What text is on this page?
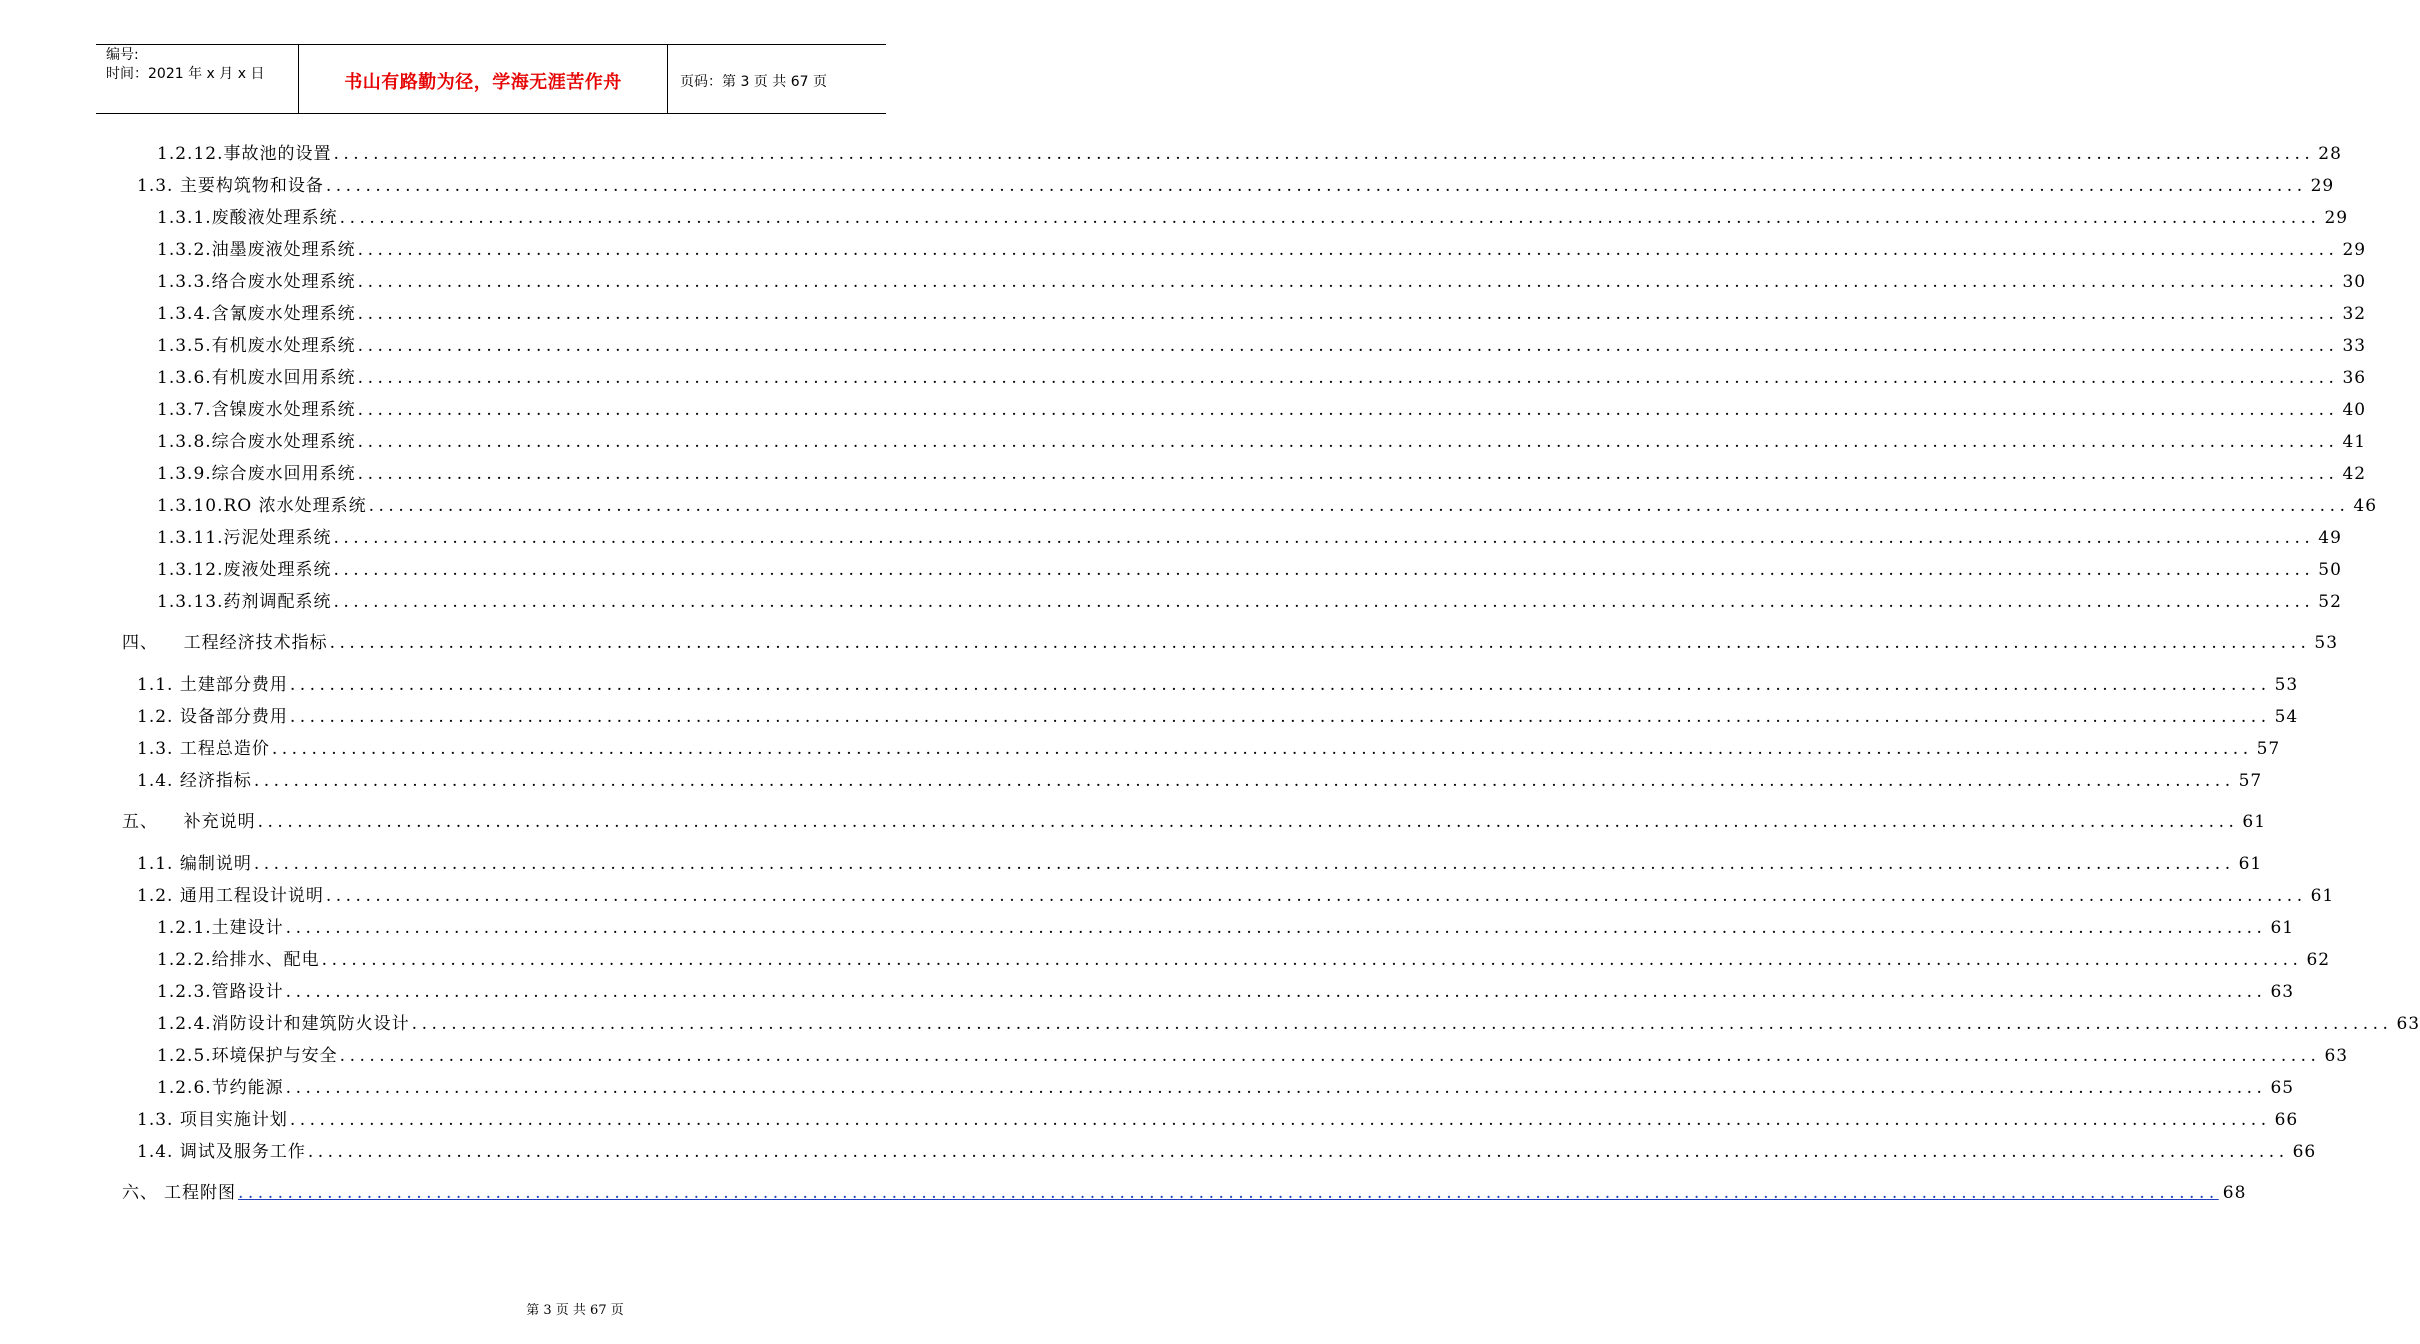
编号:
时间：2021 年 x 月 x 日	书山有路勤为径，学海无涯苦作舟	页码：第 3 页 共 67 页
1.2.12.事故池的设置 ........................................................................................................................................................................................................ 28
1.3. 主要构筑物和设备 ........................................................................................................................................................................................................ 29
1.3.1.废酸液处理系统 ........................................................................................................................................................................................................ 29
1.3.2.油墨废液处理系统 ........................................................................................................................................................................................................ 29
1.3.3.络合废水处理系统 ........................................................................................................................................................................................................ 30
1.3.4.含氰废水处理系统 ........................................................................................................................................................................................................ 32
1.3.5.有机废水处理系统 ........................................................................................................................................................................................................ 33
1.3.6.有机废水回用系统 ........................................................................................................................................................................................................ 36
1.3.7.含镍废水处理系统 ........................................................................................................................................................................................................ 40
1.3.8.综合废水处理系统 ........................................................................................................................................................................................................ 41
1.3.9.综合废水回用系统 ........................................................................................................................................................................................................ 42
1.3.10.RO 浓水处理系统 ........................................................................................................................................................................................................ 46
1.3.11.污泥处理系统 ........................................................................................................................................................................................................ 49
1.3.12.废液处理系统 ........................................................................................................................................................................................................ 50
1.3.13.药剂调配系统 ........................................................................................................................................................................................................ 52
四、    工程经济技术指标 ........................................................................................................................................................................................................ 53
1.1. 土建部分费用 ........................................................................................................................................................................................................ 53
1.2. 设备部分费用 ........................................................................................................................................................................................................ 54
1.3. 工程总造价 ........................................................................................................................................................................................................ 57
1.4. 经济指标 ........................................................................................................................................................................................................ 57
五、    补充说明 ........................................................................................................................................................................................................ 61
1.1. 编制说明 ........................................................................................................................................................................................................ 61
1.2. 通用工程设计说明 ........................................................................................................................................................................................................ 61
1.2.1.土建设计 ........................................................................................................................................................................................................ 61
1.2.2.给排水、配电 ........................................................................................................................................................................................................ 62
1.2.3.管路设计 ........................................................................................................................................................................................................ 63
1.2.4.消防设计和建筑防火设计 ........................................................................................................................................................................................................ 63
1.2.5.环境保护与安全 ........................................................................................................................................................................................................ 63
1.2.6.节约能源 ........................................................................................................................................................................................................ 65
1.3. 项目实施计划 ........................................................................................................................................................................................................ 66
1.4. 调试及服务工作 ........................................................................................................................................................................................................ 66
六、 工程附图 ........................................................................................................................................................................................................ 68
第 3 页 共 67 页
